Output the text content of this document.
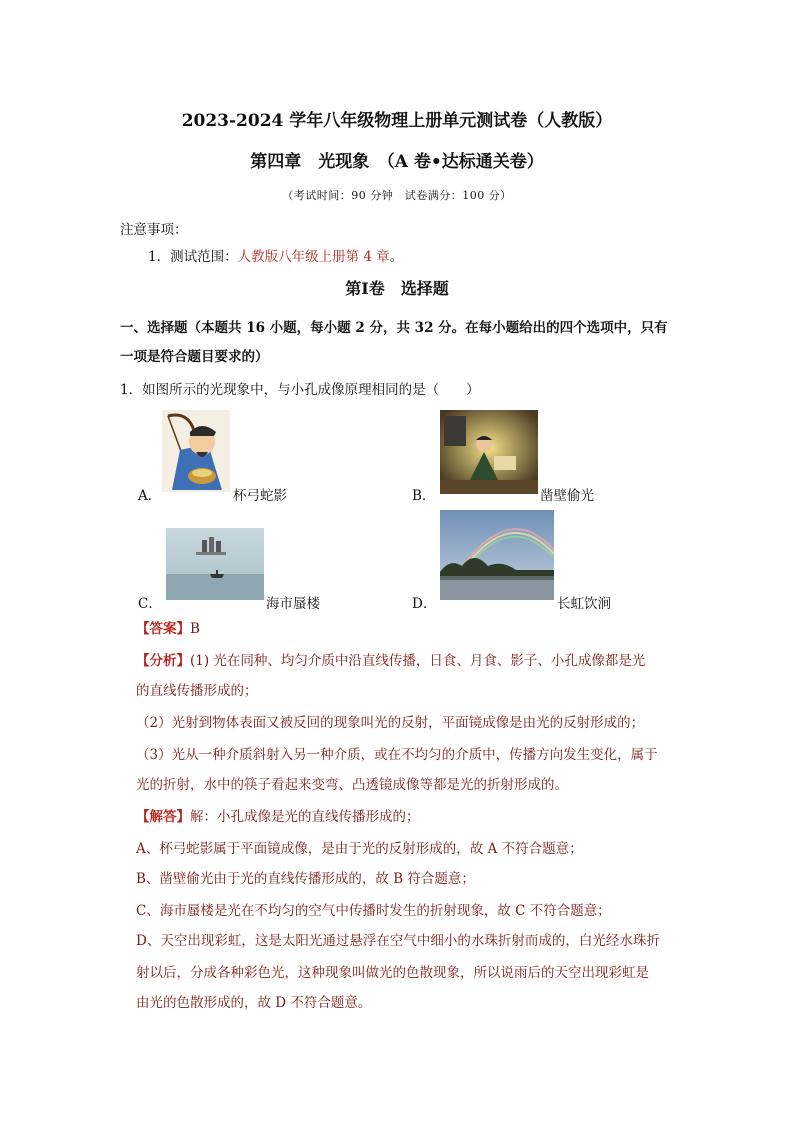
2023-2024 学年八年级物理上册单元测试卷（人教版）
第四章　光现象　（A 卷•达标通关卷）
（考试时间：90 分钟　试卷满分：100 分）
注意事项：
1．测试范围：人教版八年级上册第 4 章。
第Ⅰ卷　选择题
一、选择题（本题共 16 小题，每小题 2 分，共 32 分。在每小题给出的四个选项中，只有
一项是符合题目要求的）
1．如图所示的光现象中，与小孔成像原理相同的是（　　）
A．	杯弓蛇影	B．	凿壁偷光
C．	海市蜃楼	D．	长虹饮涧
【答案】B
【分析】(1) 光在同种、均匀介质中沿直线传播，日食、月食、影子、小孔成像都是光
的直线传播形成的；
（2）光射到物体表面又被反回的现象叫光的反射，平面镜成像是由光的反射形成的；
（3）光从一种介质斜射入另一种介质，或在不均匀的介质中，传播方向发生变化，属于
光的折射，水中的筷子看起来变弯、凸透镜成像等都是光的折射形成的。
【解答】解：小孔成像是光的直线传播形成的；
A、杯弓蛇影属于平面镜成像，是由于光的反射形成的，故 A 不符合题意；
B、凿壁偷光由于光的直线传播形成的，故 B 符合题意；
C、海市蜃楼是光在不均匀的空气中传播时发生的折射现象，故 C 不符合题意；
D、天空出现彩虹，这是太阳光通过悬浮在空气中细小的水珠折射而成的，白光经水珠折
射以后，分成各种彩色光，这种现象叫做光的色散现象，所以说雨后的天空出现彩虹是
由光的色散形成的，故 D 不符合题意。
